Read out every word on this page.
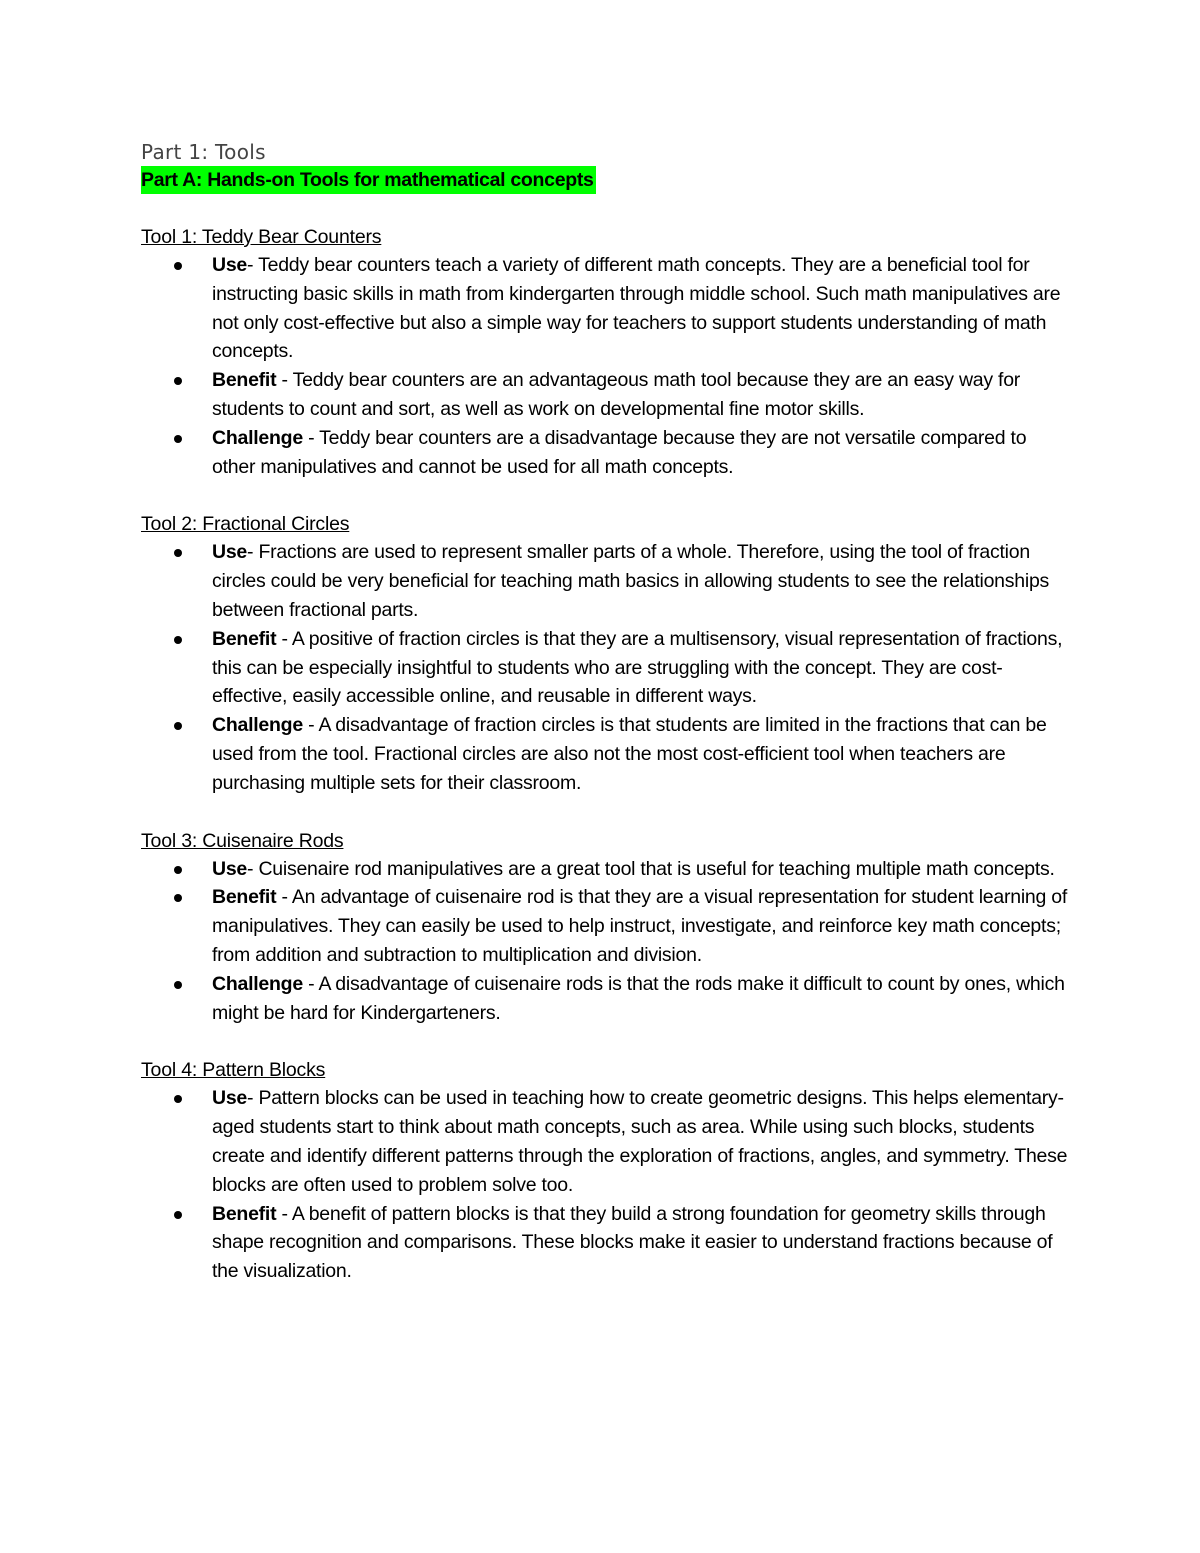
Part 1: Tools
Part A: Hands-on Tools for mathematical concepts
Tool 1: Teddy Bear Counters
Use- Teddy bear counters teach a variety of different math concepts. They are a beneficial tool for instructing basic skills in math from kindergarten through middle school. Such math manipulatives are not only cost-effective but also a simple way for teachers to support students understanding of math concepts.
Benefit - Teddy bear counters are an advantageous math tool because they are an easy way for students to count and sort, as well as work on developmental fine motor skills.
Challenge - Teddy bear counters are a disadvantage because they are not versatile compared to other manipulatives and cannot be used for all math concepts.
Tool 2: Fractional Circles
Use- Fractions are used to represent smaller parts of a whole. Therefore, using the tool of fraction circles could be very beneficial for teaching math basics in allowing students to see the relationships between fractional parts.
Benefit - A positive of fraction circles is that they are a multisensory, visual representation of fractions, this can be especially insightful to students who are struggling with the concept. They are cost-effective, easily accessible online, and reusable in different ways.
Challenge - A disadvantage of fraction circles is that students are limited in the fractions that can be used from the tool. Fractional circles are also not the most cost-efficient tool when teachers are purchasing multiple sets for their classroom.
Tool 3: Cuisenaire Rods
Use- Cuisenaire rod manipulatives are a great tool that is useful for teaching multiple math concepts.
Benefit - An advantage of cuisenaire rod is that they are a visual representation for student learning of manipulatives. They can easily be used to help instruct, investigate, and reinforce key math concepts; from addition and subtraction to multiplication and division.
Challenge - A disadvantage of cuisenaire rods is that the rods make it difficult to count by ones, which might be hard for Kindergarteners.
Tool 4: Pattern Blocks
Use- Pattern blocks can be used in teaching how to create geometric designs. This helps elementary-aged students start to think about math concepts, such as area. While using such blocks, students create and identify different patterns through the exploration of fractions, angles, and symmetry. These blocks are often used to problem solve too.
Benefit - A benefit of pattern blocks is that they build a strong foundation for geometry skills through shape recognition and comparisons. These blocks make it easier to understand fractions because of the visualization.
